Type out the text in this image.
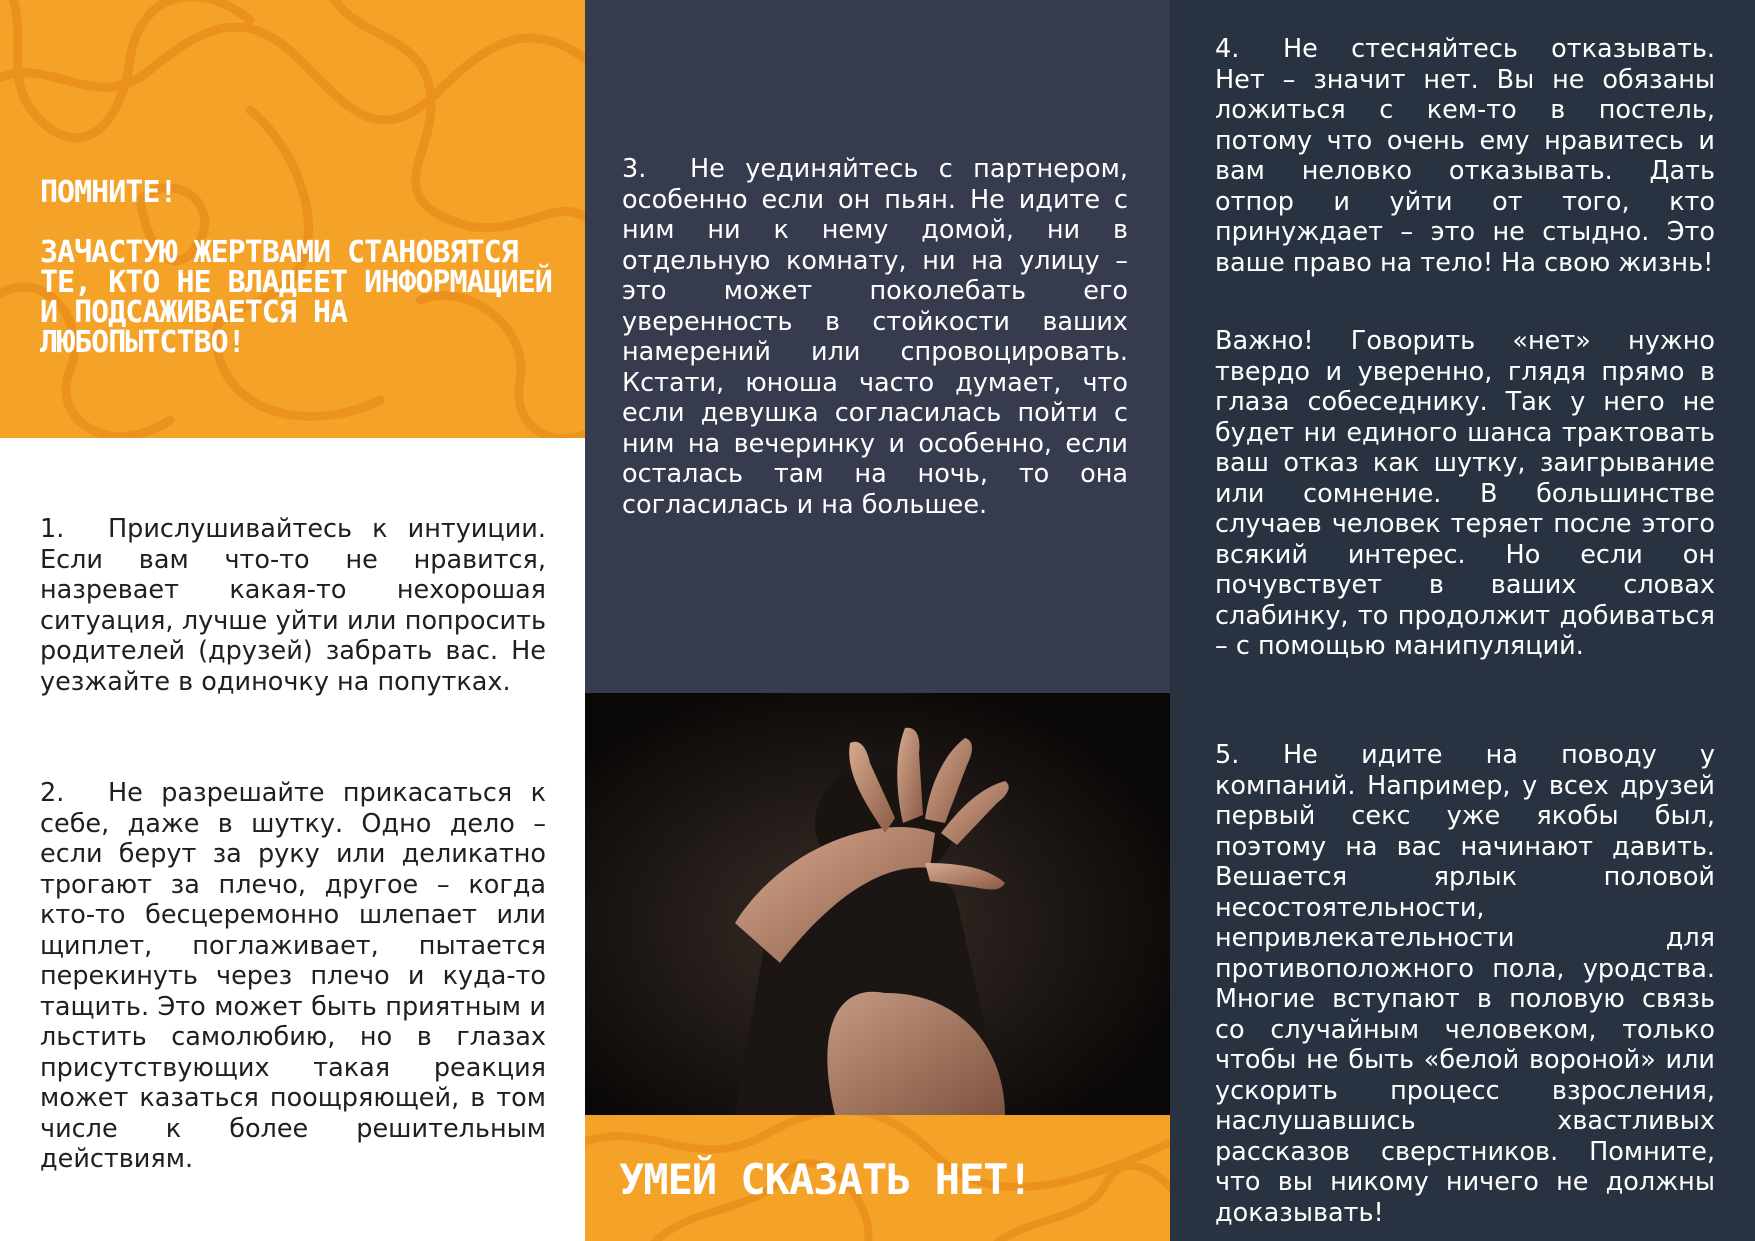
ПОМНИТЕ!
ЗАЧАСТУЮ ЖЕРТВАМИ СТАНОВЯТСЯ ТЕ, КТО НЕ ВЛАДЕЕТ ИНФОРМАЦИЕЙ И ПОДСАЖИВАЕТСЯ НА ЛЮБОПЫТСТВО!

1. Прислушивайтесь к интуиции. Если вам что-то не нравится, назревает какая-то нехорошая ситуация, лучше уйти или попросить родителей (друзей) забрать вас. Не уезжайте в одиночку на попутках.

2. Не разрешайте прикасаться к себе, даже в шутку. Одно дело – если берут за руку или деликатно трогают за плечо, другое – когда кто-то бесцеремонно шлепает или щиплет, поглаживает, пытается перекинуть через плечо и куда-то тащить. Это может быть приятным и льстить самолюбию, но в глазах присутствующих такая реакция может казаться поощряющей, в том числе к более решительным действиям.

3. Не уединяйтесь с партнером, особенно если он пьян. Не идите с ним ни к нему домой, ни в отдельную комнату, ни на улицу – это может поколебать его уверенность в стойкости ваших намерений или спровоцировать. Кстати, юноша часто думает, что если девушка согласилась пойти с ним на вечеринку и особенно, если осталась там на ночь, то она согласилась и на большее.

УМЕЙ СКАЗАТЬ НЕТ!

4. Не стесняйтесь отказывать. Нет – значит нет. Вы не обязаны ложиться с кем-то в постель, потому что очень ему нравитесь и вам неловко отказывать. Дать отпор и уйти от того, кто принуждает – это не стыдно. Это ваше право на тело! На свою жизнь!

Важно! Говорить «нет» нужно твердо и уверенно, глядя прямо в глаза собеседнику. Так у него не будет ни единого шанса трактовать ваш отказ как шутку, заигрывание или сомнение. В большинстве случаев человек теряет после этого всякий интерес. Но если он почувствует в ваших словах слабинку, то продолжит добиваться – с помощью манипуляций.

5. Не идите на поводу у компаний. Например, у всех друзей первый секс уже якобы был, поэтому на вас начинают давить. Вешается ярлык половой несостоятельности, непривлекательности для противоположного пола, уродства. Многие вступают в половую связь со случайным человеком, только чтобы не быть «белой вороной» или ускорить процесс взросления, наслушавшись хвастливых рассказов сверстников. Помните, что вы никому ничего не должны доказывать!
